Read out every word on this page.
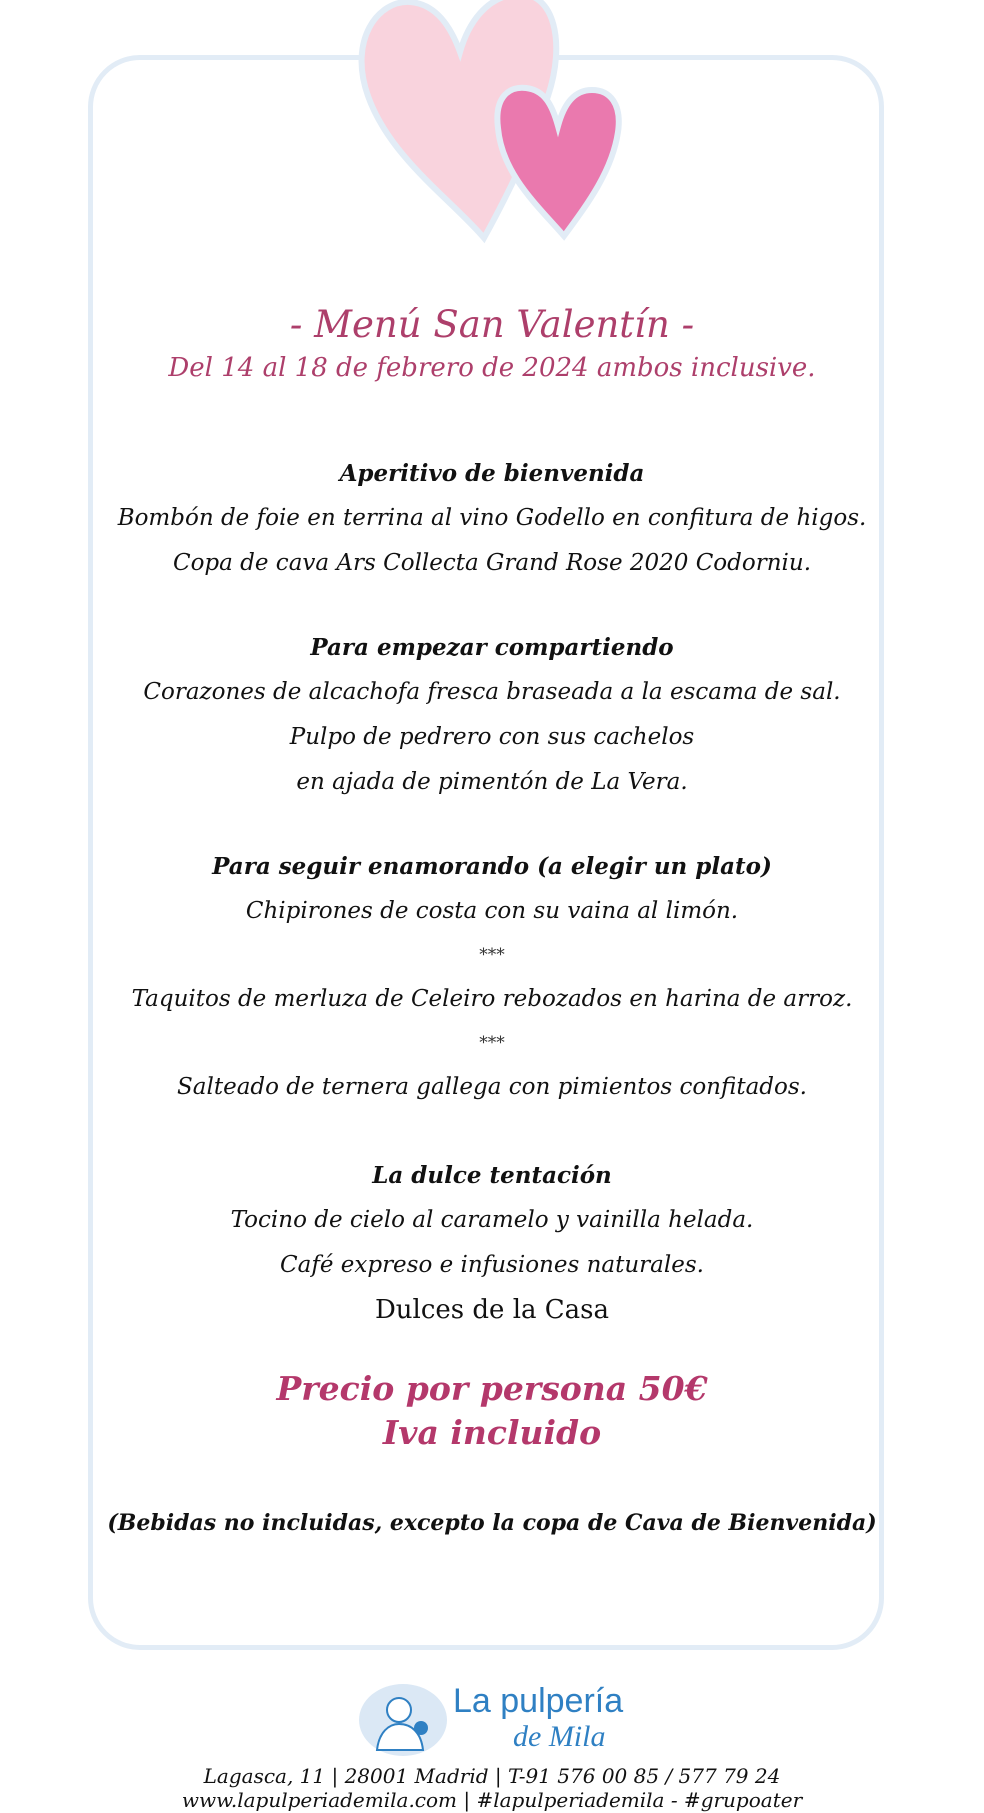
- Menú San Valentín -

Del 14 al 18 de febrero de 2024 ambos inclusive.

Aperitivo de bienvenida

Bombón de foie en terrina al vino Godello en confitura de higos.

Copa de cava Ars Collecta Grand Rose 2020 Codorniu.

Para empezar compartiendo

Corazones de alcachofa fresca braseada a la escama de sal.

Pulpo de pedrero con sus cachelos

en ajada de pimentón de La Vera.

Para seguir enamorando (a elegir un plato)

Chipirones de costa con su vaina al limón.

***

Taquitos de merluza de Celeiro rebozados en harina de arroz.

***

Salteado de ternera gallega con pimientos confitados.

La dulce tentación

Tocino de cielo al caramelo y vainilla helada.

Café expreso e infusiones naturales.

Dulces de la Casa

Precio por persona 50€

Iva incluido

(Bebidas no incluidas, excepto la copa de Cava de Bienvenida)

La pulpería
de Mila
Lagasca, 11 | 28001 Madrid | T-91 576 00 85 / 577 79 24
www.lapulperiademila.com | #lapulperiademila - #grupoater
